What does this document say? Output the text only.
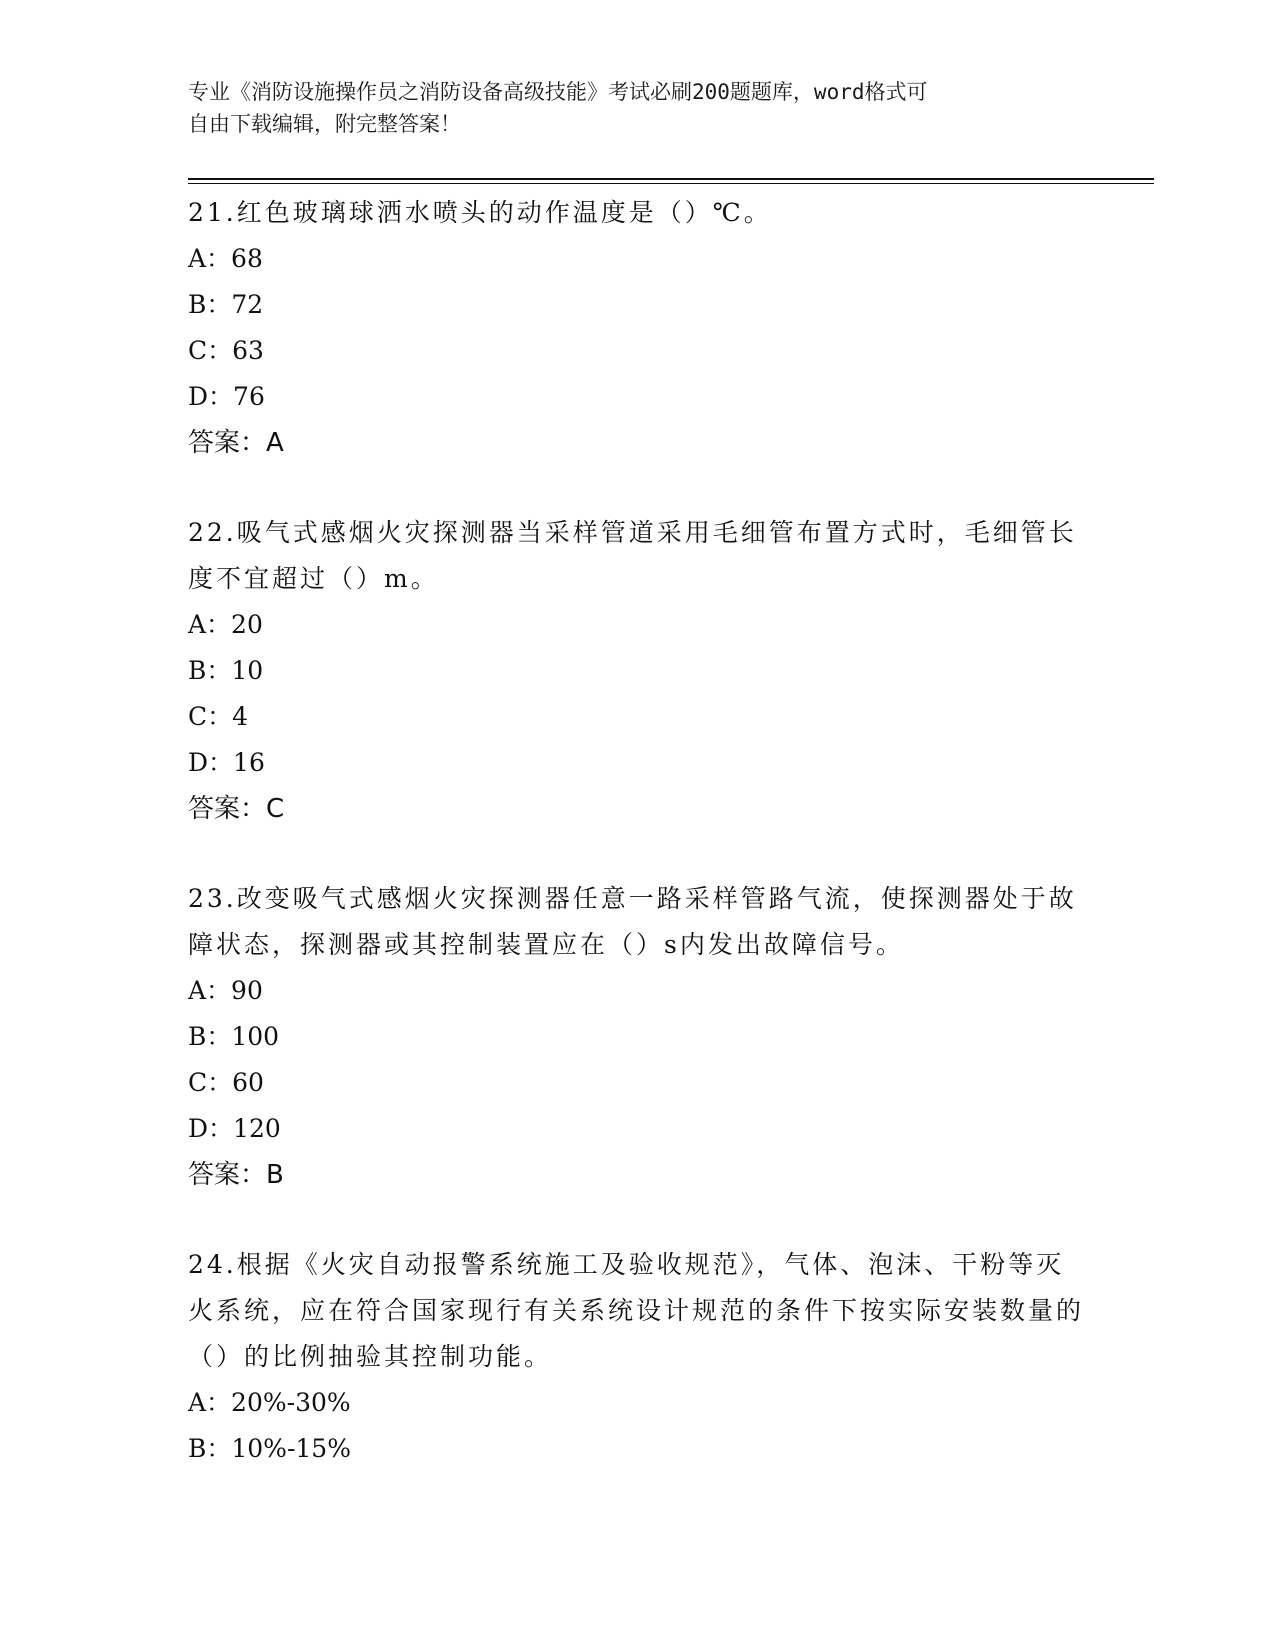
专业《消防设施操作员之消防设备高级技能》考试必刷200题题库，word格式可
自由下载编辑，附完整答案！
21.红色玻璃球洒水喷头的动作温度是（）℃。
A：68
B：72
C：63
D：76
答案：A
22.吸气式感烟火灾探测器当采样管道采用毛细管布置方式时，毛细管长度不宜超过（）m。
A：20
B：10
C：4
D：16
答案：C
23.改变吸气式感烟火灾探测器任意一路采样管路气流，使探测器处于故障状态，探测器或其控制装置应在（）s内发出故障信号。
A：90
B：100
C：60
D：120
答案：B
24.根据《火灾自动报警系统施工及验收规范》，气体、泡沫、干粉等灭火系统，应在符合国家现行有关系统设计规范的条件下按实际安装数量的（）的比例抽验其控制功能。
A：20%-30%
B：10%-15%
